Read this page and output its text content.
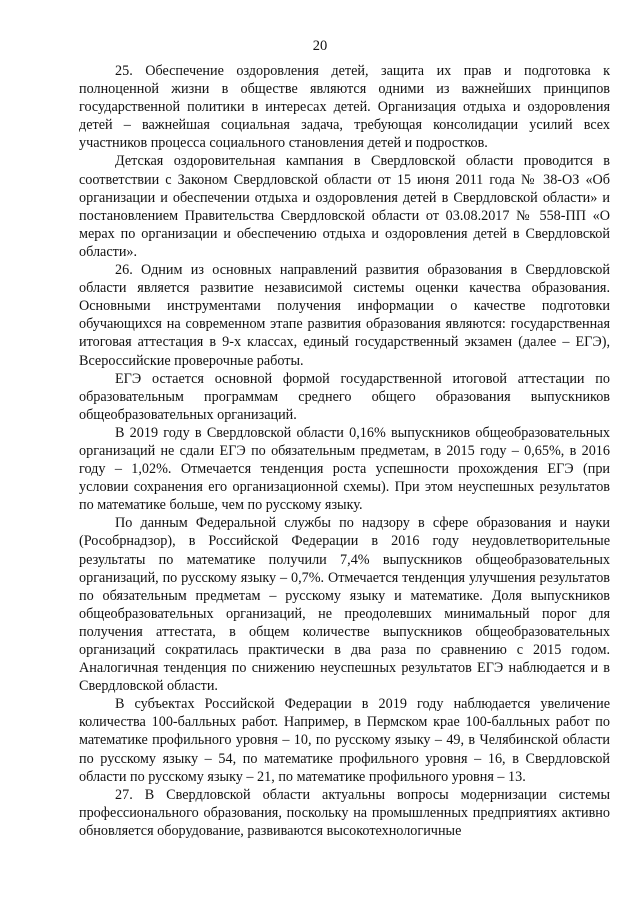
20

25. Обеспечение оздоровления детей, защита их прав и подготовка к полноценной жизни в обществе являются одними из важнейших принципов государственной политики в интересах детей. Организация отдыха и оздоровления детей – важнейшая социальная задача, требующая консолидации усилий всех участников процесса социального становления детей и подростков.

Детская оздоровительная кампания в Свердловской области проводится в соответствии с Законом Свердловской области от 15 июня 2011 года № 38-ОЗ «Об организации и обеспечении отдыха и оздоровления детей в Свердловской области» и постановлением Правительства Свердловской области от 03.08.2017 № 558-ПП «О мерах по организации и обеспечению отдыха и оздоровления детей в Свердловской области».

26. Одним из основных направлений развития образования в Свердловской области является развитие независимой системы оценки качества образования. Основными инструментами получения информации о качестве подготовки обучающихся на современном этапе развития образования являются: государственная итоговая аттестация в 9-х классах, единый государственный экзамен (далее – ЕГЭ), Всероссийские проверочные работы.

ЕГЭ остается основной формой государственной итоговой аттестации по образовательным программам среднего общего образования выпускников общеобразовательных организаций.

В 2019 году в Свердловской области 0,16% выпускников общеобразовательных организаций не сдали ЕГЭ по обязательным предметам, в 2015 году – 0,65%, в 2016 году – 1,02%. Отмечается тенденция роста успешности прохождения ЕГЭ (при условии сохранения его организационной схемы). При этом неуспешных результатов по математике больше, чем по русскому языку.

По данным Федеральной службы по надзору в сфере образования и науки (Рособрнадзор), в Российской Федерации в 2016 году неудовлетворительные результаты по математике получили 7,4% выпускников общеобразовательных организаций, по русскому языку – 0,7%. Отмечается тенденция улучшения результатов по обязательным предметам – русскому языку и математике. Доля выпускников общеобразовательных организаций, не преодолевших минимальный порог для получения аттестата, в общем количестве выпускников общеобразовательных организаций сократилась практически в два раза по сравнению с 2015 годом. Аналогичная тенденция по снижению неуспешных результатов ЕГЭ наблюдается и в Свердловской области.

В субъектах Российской Федерации в 2019 году наблюдается увеличение количества 100-балльных работ. Например, в Пермском крае 100-балльных работ по математике профильного уровня – 10, по русскому языку – 49, в Челябинской области по русскому языку – 54, по математике профильного уровня – 16, в Свердловской области по русскому языку – 21, по математике профильного уровня – 13.

27. В Свердловской области актуальны вопросы модернизации системы профессионального образования, поскольку на промышленных предприятиях активно обновляется оборудование, развиваются высокотехнологичные
